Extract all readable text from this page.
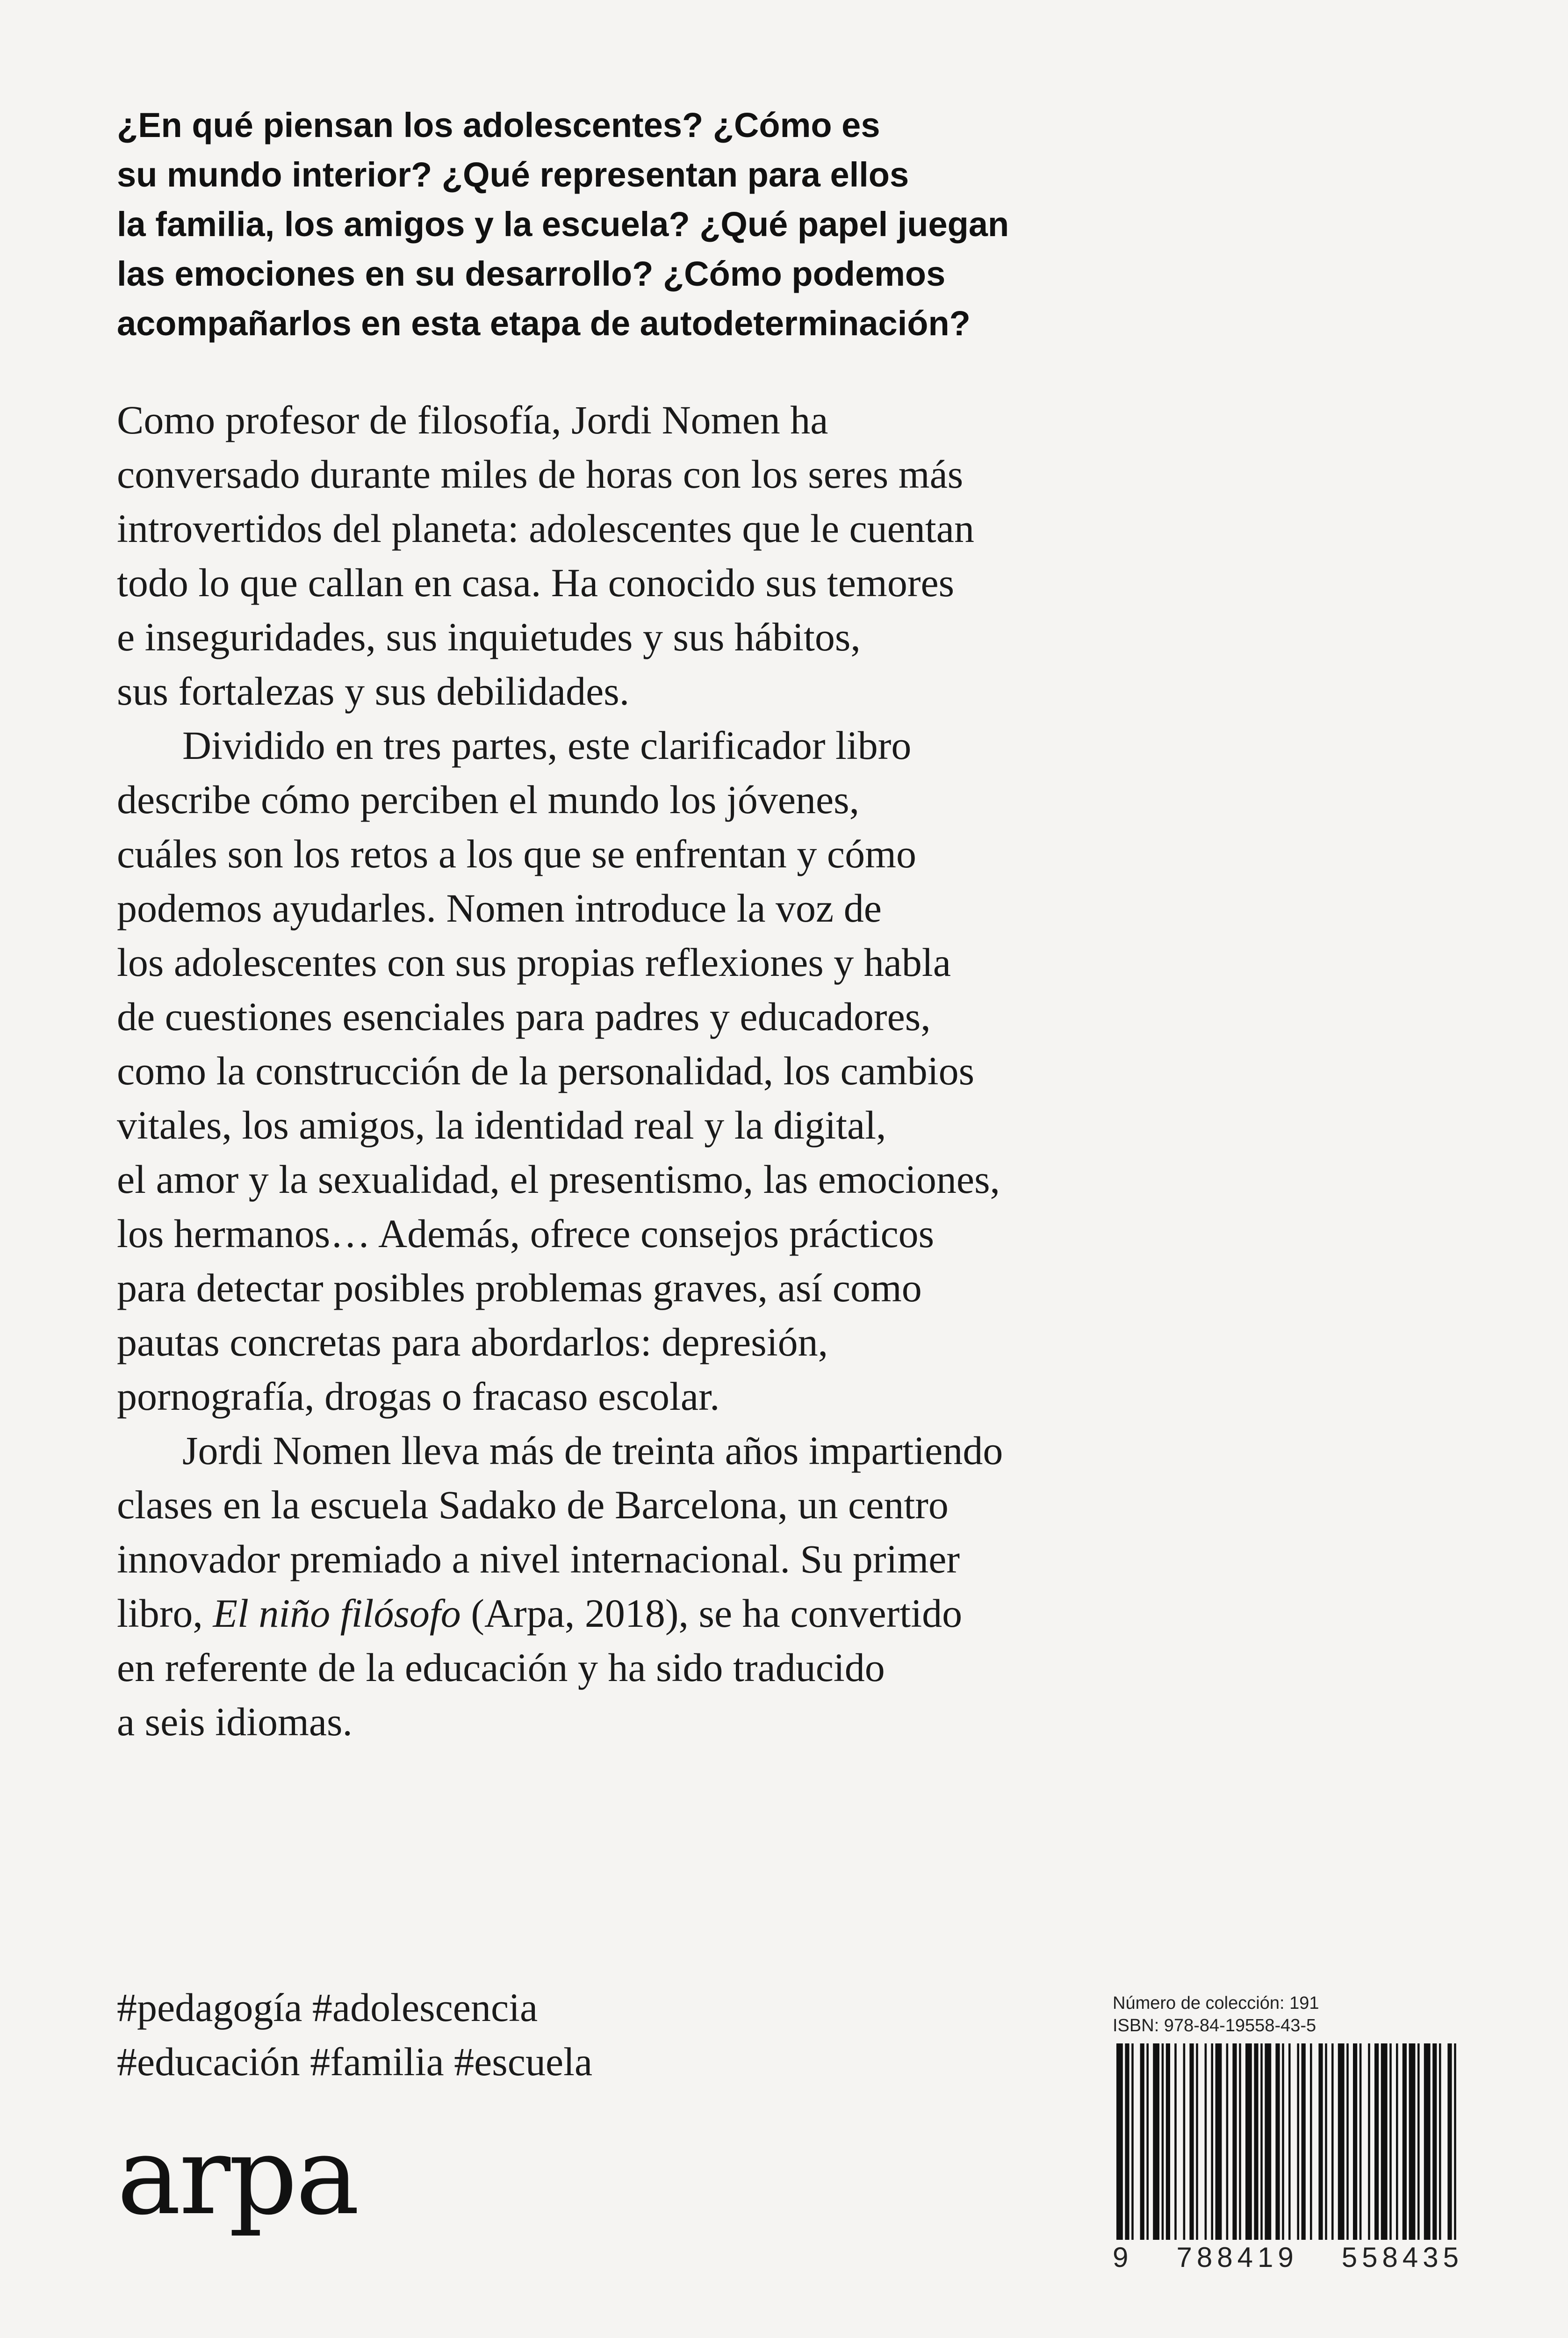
¿En qué piensan los adolescentes? ¿Cómo es
su mundo interior? ¿Qué representan para ellos
la familia, los amigos y la escuela? ¿Qué papel juegan
las emociones en su desarrollo? ¿Cómo podemos
acompañarlos en esta etapa de autodeterminación?
Como profesor de filosofía, Jordi Nomen ha
conversado durante miles de horas con los seres más
introvertidos del planeta: adolescentes que le cuentan
todo lo que callan en casa. Ha conocido sus temores
e inseguridades, sus inquietudes y sus hábitos,
sus fortalezas y sus debilidades.
Dividido en tres partes, este clarificador libro
describe cómo perciben el mundo los jóvenes,
cuáles son los retos a los que se enfrentan y cómo
podemos ayudarles. Nomen introduce la voz de
los adolescentes con sus propias reflexiones y habla
de cuestiones esenciales para padres y educadores,
como la construcción de la personalidad, los cambios
vitales, los amigos, la identidad real y la digital,
el amor y la sexualidad, el presentismo, las emociones,
los hermanos… Además, ofrece consejos prácticos
para detectar posibles problemas graves, así como
pautas concretas para abordarlos: depresión,
pornografía, drogas o fracaso escolar.
Jordi Nomen lleva más de treinta años impartiendo
clases en la escuela Sadako de Barcelona, un centro
innovador premiado a nivel internacional. Su primer
libro, El niño filósofo (Arpa, 2018), se ha convertido
en referente de la educación y ha sido traducido
a seis idiomas.
#pedagogía #adolescencia
#educación #familia #escuela
arpa
Número de colección: 191
ISBN: 978-84-19558-43-5
9 788419 558435
